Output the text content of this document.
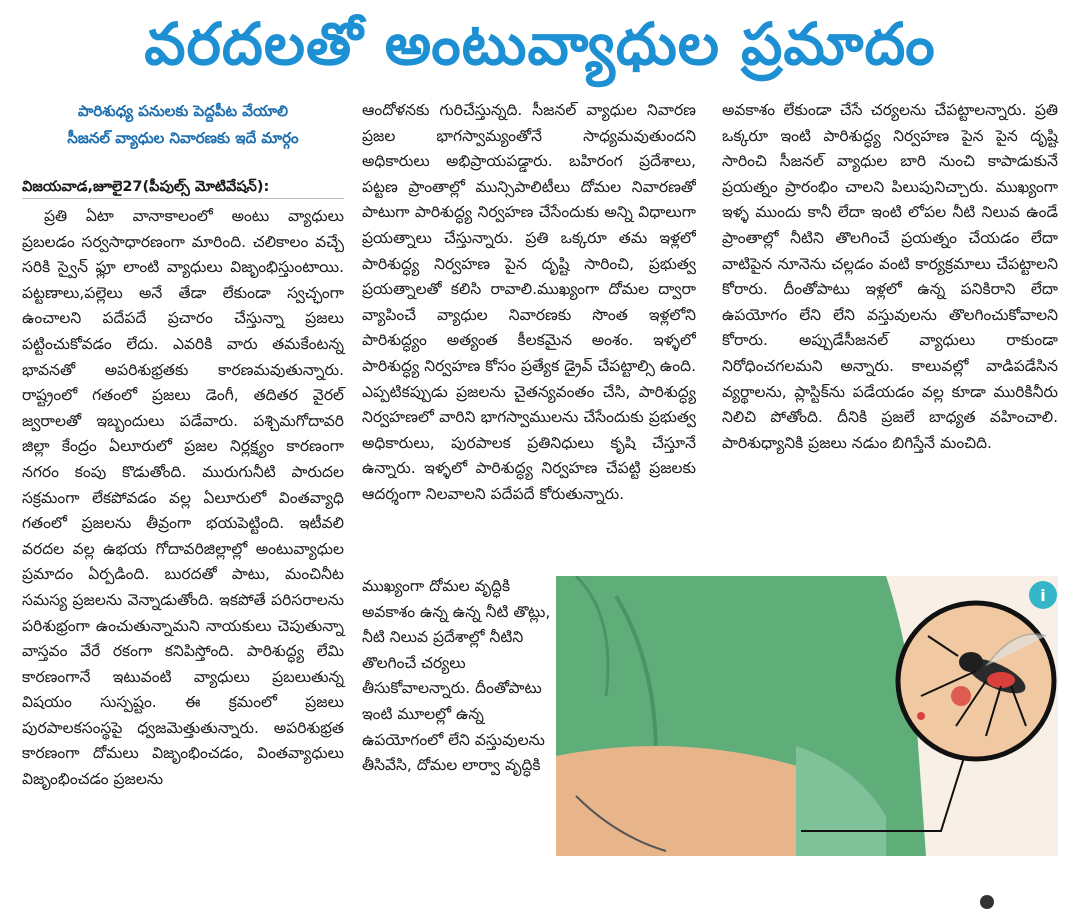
వరదలతో అంటువ్యాధుల ప్రమాదం
పారిశుధ్య పనులకు పెద్దపీట వేయాలి
సీజనల్ వ్యాధుల నివారణకు ఇదే మార్గం
విజయవాడ,జూలై27(పీపుల్స్ మోటివేషన్):

ప్రతి ఏటా వానాకాలంలో అంటు వ్యాధులు ప్రబలడం సర్వసాధారణంగా మారింది. చలికాలం వచ్చే సరికి స్వైన్ ఫ్లూ లాంటి వ్యాధులు విజృంభిస్తుంటాయి. పట్టణాలు,పల్లెలు అనే తేడా లేకుండా స్వచ్ఛంగా ఉంచాలని పదేపదే ప్రచారం చేస్తున్నా ప్రజలు పట్టించుకోవడం లేదు. ఎవరికి వారు తమకేంటన్న భావనతో అపరిశుభ్రతకు కారణమవుతున్నారు. రాష్ట్రంలో గతంలో ప్రజలు డెంగీ, తదితర వైరల్ జ్వరాలతో ఇబ్బందులు పడేవారు. పశ్చిమగోదావరి జిల్లా కేంద్రం ఏలూరులో ప్రజల నిర్లక్ష్యం కారణంగా నగరం కంపు కొడుతోంది. మురుగునీటి పారుదల సక్రమంగా లేకపోవడం వల్ల ఏలూరులో వింతవ్యాధి గతంలో ప్రజలను తీవ్రంగా భయపెట్టింది. ఇటీవలి వరదల వల్ల ఉభయ గోదావరిజిల్లాల్లో అంటువ్యాధుల ప్రమాదం ఏర్పడింది. బురదతో పాటు, మంచినీట సమస్య ప్రజలను వెన్నాడుతోంది. ఇకపోతే పరిసరాలను పరిశుభ్రంగా ఉంచుతున్నామని నాయకులు చెపుతున్నా వాస్తవం వేరే రకంగా కనిపిస్తోంది. పారిశుద్ధ్య లేమి కారణంగానే ఇటువంటి వ్యాధులు ప్రబలుతున్న విషయం సుస్పష్టం. ఈ క్రమంలో ప్రజలు పురపాలకసంస్థపై ధ్వజమెత్తుతున్నారు. అపరిశుభ్రత కారణంగా దోమలు విజృంభించడం, వింతవ్యాధులు విజృంభించడం ప్రజలను

ఆందోళనకు గురిచేస్తున్నది. సీజనల్ వ్యాధుల నివారణ ప్రజల భాగస్వామ్యంతోనే సాధ్యమవుతుందని అధికారులు అభిప్రాయపడ్డారు. బహిరంగ ప్రదేశాలు, పట్టణ ప్రాంతాల్లో మున్సిపాలిటీలు దోమల నివారణతో పాటుగా పారిశుద్ధ్య నిర్వహణ చేసేందుకు అన్ని విధాలుగా ప్రయత్నాలు చేస్తున్నారు. ప్రతి ఒక్కరూ తమ ఇళ్లలో పారిశుద్ధ్య నిర్వహణ పైన దృష్టి సారించి, ప్రభుత్వ ప్రయత్నాలతో కలిసి రావాలి.ముఖ్యంగా దోమల ద్వారా వ్యాపించే వ్యాధుల నివారణకు సొంత ఇళ్లలోని పారిశుద్ధ్యం అత్యంత కీలకమైన అంశం. ఇళ్ళలో పారిశుద్ధ్య నిర్వహణ కోసం ప్రత్యేక డ్రైవ్ చేపట్టాల్సి ఉంది. ఎప్పటికప్పుడు ప్రజలను చైతన్యవంతం చేసి, పారిశుద్ధ్య నిర్వహణలో వారిని భాగస్వాములను చేసేందుకు ప్రభుత్వ అధికారులు, పురపాలక ప్రతినిధులు కృషి చేస్తూనే ఉన్నారు. ఇళ్ళలో పారిశుద్ధ్య నిర్వహణ చేపట్టి ప్రజలకు ఆదర్శంగా నిలవాలని పదేపదే కోరుతున్నారు.

ముఖ్యంగా దోమల వృద్ధికి అవకాశం ఉన్న ఉన్న నీటి తొట్లు, నీటి నిలువ ప్రదేశాల్లో నీటిని తొలగించే చర్యలు తీసుకోవాలన్నారు. దీంతోపాటు ఇంటి మూలల్లో ఉన్న ఉపయోగంలో లేని వస్తువులను తీసివేసి, దోమల లార్వా వృద్ధికి

అవకాశం లేకుండా చేసే చర్యలను చేపట్టాలన్నారు. ప్రతి ఒక్కరూ ఇంటి పారిశుద్ధ్య నిర్వహణ పైన పైన దృష్టి సారించి సీజనల్ వ్యాధుల బారి నుంచి కాపాడుకునే ప్రయత్నం ప్రారంభిం చాలని పిలుపునిచ్చారు. ముఖ్యంగా ఇళ్ళ ముందు కానీ లేదా ఇంటి లోపల నీటి నిలువ ఉండే ప్రాంతాల్లో నీటిని తొలగించే ప్రయత్నం చేయడం లేదా వాటిపైన నూనెను చల్లడం వంటి కార్యక్రమాలు చేపట్టాలని కోరారు. దీంతోపాటు ఇళ్లలో ఉన్న పనికిరాని లేదా ఉపయోగం లేని లేని వస్తువులను తొలగించుకోవాలని కోరారు. అప్పుడేసీజనల్ వ్యాధులు రాకుండా నిరోధించగలమని అన్నారు. కాలువల్లో వాడిపడేసిన వ్యర్థాలను, ప్లాస్టిక్‌ను పడేయడం వల్ల కూడా మురికినీరు నిలిచి పోతోంది. దీనికి ప్రజలే బాధ్యత వహించాలి. పారిశుధ్యానికి ప్రజలు నడుం బిగిస్తేనే మంచిది.

i
